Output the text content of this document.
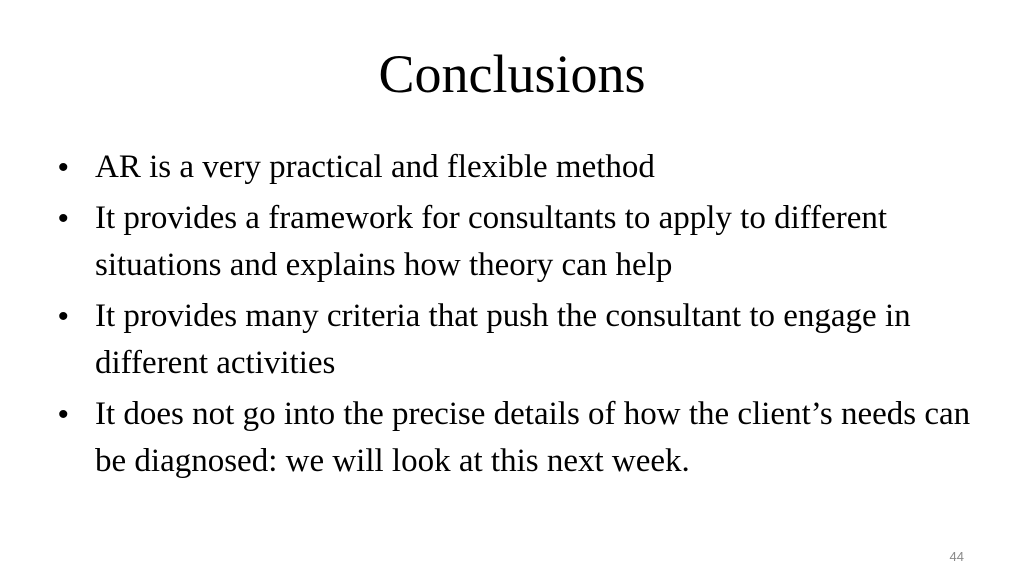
Conclusions
• AR is a very practical and flexible method
• It provides a framework for consultants to apply to different situations and explains how theory can help
• It provides many criteria that push the consultant to engage in different activities
• It does not go into the precise details of how the client’s needs can be diagnosed: we will look at this next week.
44
